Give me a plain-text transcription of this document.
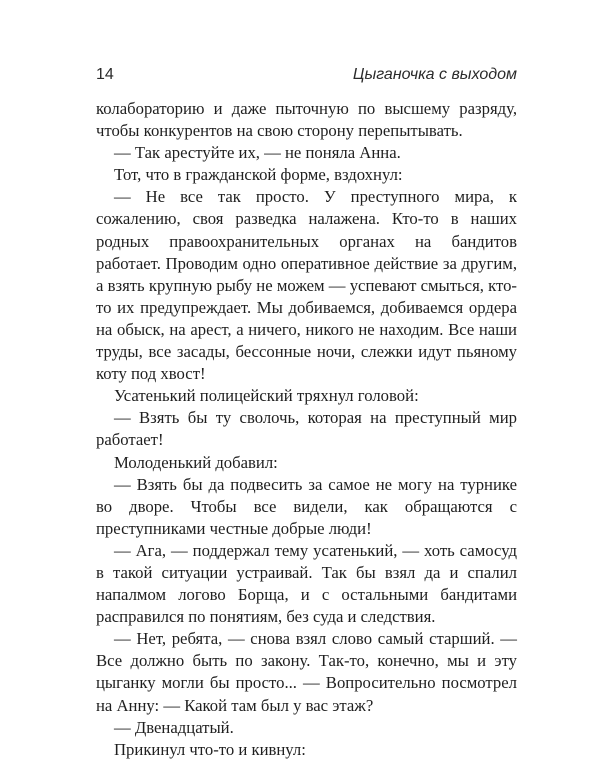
14	Цыганочка с выходом

колабораторию и даже пыточную по высшему разряду, чтобы конкурентов на свою сторону перепытывать.

— Так арестуйте их, — не поняла Анна.

Тот, что в гражданской форме, вздохнул:

— Не все так просто. У преступного мира, к сожалению, своя разведка налажена. Кто-то в наших родных правоохранительных органах на бандитов работает. Проводим одно оперативное действие за другим, а взять крупную рыбу не можем — успевают смыться, кто-то их предупреждает. Мы добиваемся, добиваемся ордера на обыск, на арест, а ничего, никого не находим. Все наши труды, все засады, бессонные ночи, слежки идут пьяному коту под хвост!

Усатенький полицейский тряхнул головой:

— Взять бы ту сволочь, которая на преступный мир работает!

Молоденький добавил:

— Взять бы да подвесить за самое не могу на турнике во дворе. Чтобы все видели, как обращаются с преступниками честные добрые люди!

— Ага, — поддержал тему усатенький, — хоть самосуд в такой ситуации устраивай. Так бы взял да и спалил напалмом логово Борща, и с остальными бандитами расправился по понятиям, без суда и следствия.

— Нет, ребята, — снова взял слово самый старший. — Все должно быть по закону. Так-то, конечно, мы и эту цыганку могли бы просто... — Вопросительно посмотрел на Анну: — Какой там был у вас этаж?

— Двенадцатый.

Прикинул что-то и кивнул:
